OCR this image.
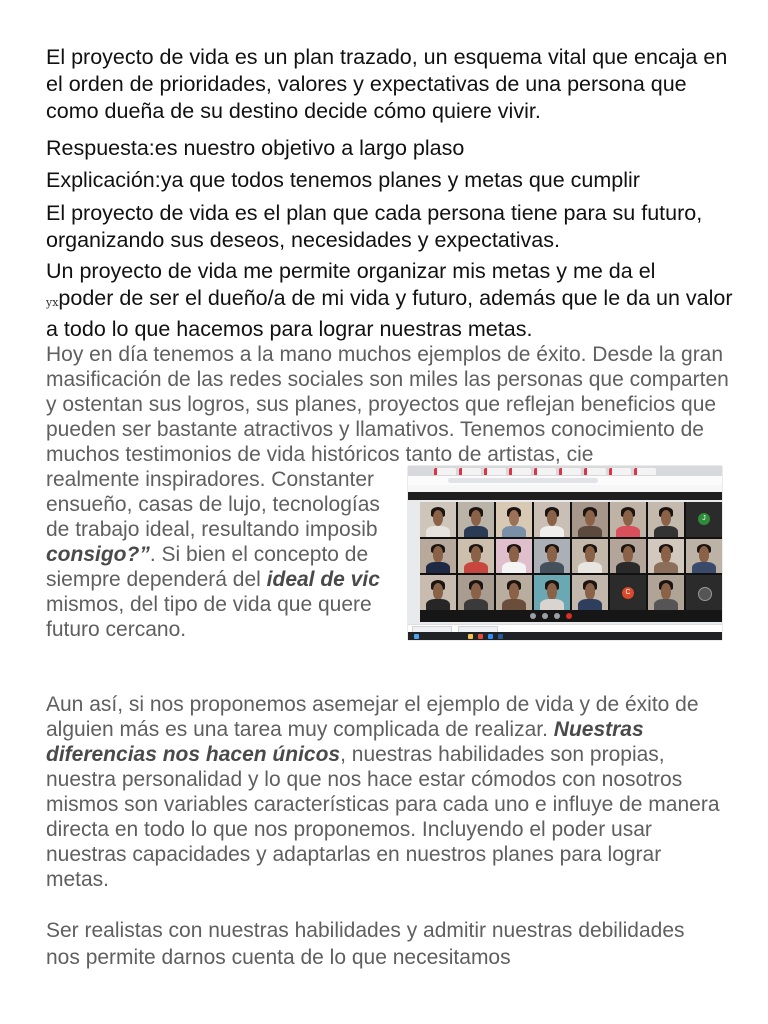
El proyecto de vida es un plan trazado, un esquema vital que encaja en el orden de prioridades, valores y expectativas de una persona que como dueña de su destino decide cómo quiere vivir.

Respuesta:es nuestro objetivo a largo plaso

Explicación:ya que todos tenemos planes y metas que cumplir

El proyecto de vida es el plan que cada persona tiene para su futuro, organizando sus deseos, necesidades y expectativas.

Un proyecto de vida me permite organizar mis metas y me da el
yxpoder de ser el dueño/a de mi vida y futuro, además que le da un valor a todo lo que hacemos para lograr nuestras metas.

Hoy en día tenemos a la mano muchos ejemplos de éxito. Desde la gran masificación de las redes sociales son miles las personas que comparten y ostentan sus logros, sus planes, proyectos que reflejan beneficios que pueden ser bastante atractivos y llamativos. Tenemos conocimiento de muchos testimonios de vida históricos tanto de artistas, cie
realmente inspiradores. Constanter
ensueño, casas de lujo, tecnologías
de trabajo ideal, resultando imposib
consigo?”. Si bien el concepto de
siempre dependerá del ideal de vic
mismos, del tipo de vida que quere
futuro cercano.

Aun así, si nos proponemos asemejar el ejemplo de vida y de éxito de alguien más es una tarea muy complicada de realizar. Nuestras diferencias nos hacen únicos, nuestras habilidades son propias, nuestra personalidad y lo que nos hace estar cómodos con nosotros mismos son variables características para cada uno e influye de manera directa en todo lo que nos proponemos. Incluyendo el poder usar nuestras capacidades y adaptarlas en nuestros planes para lograr metas.

Ser realistas con nuestras habilidades y admitir nuestras debilidades nos permite darnos cuenta de lo que necesitamos

J
C
